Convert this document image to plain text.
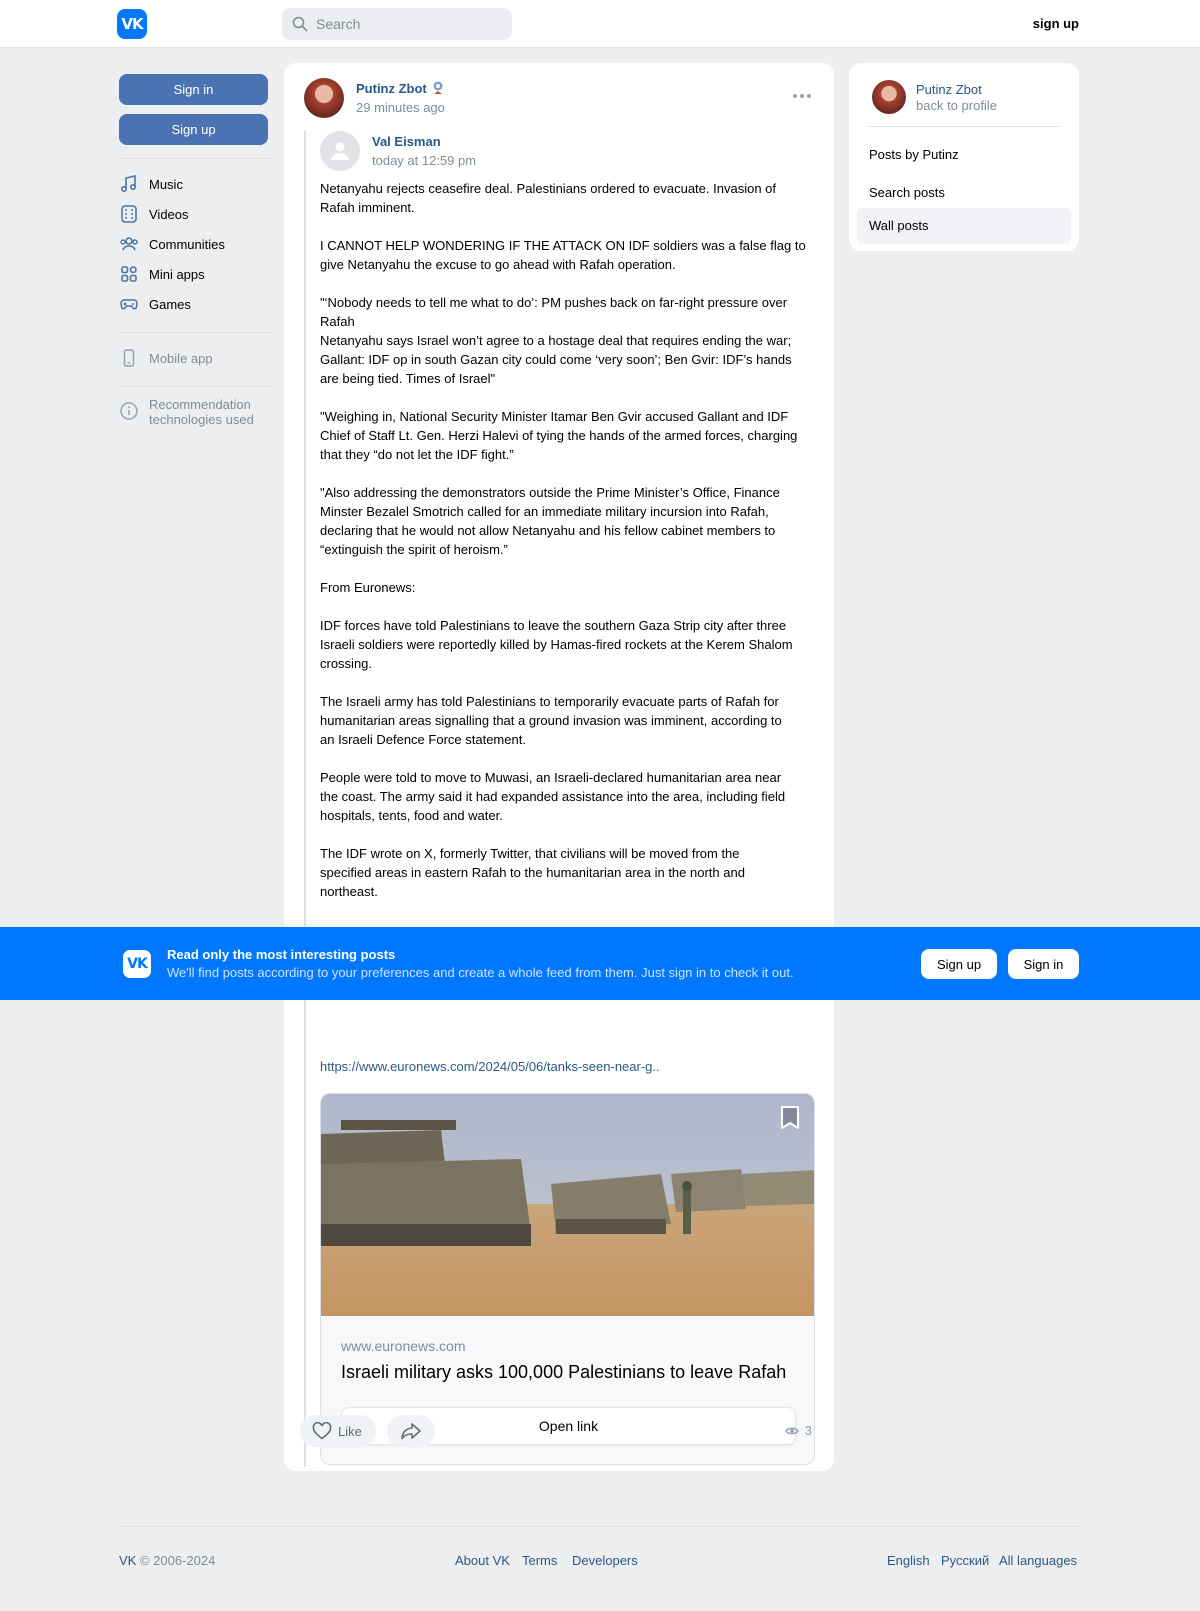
VK
Search	sign up
Sign in
Sign up
Music
Videos
Communities
Mini apps
Games
Mobile app
Recommendation
technologies used
Putinz Zbot
29 minutes ago
Val Eisman
today at 12:59 pm
Netanyahu rejects ceasefire deal. Palestinians ordered to evacuate. Invasion of
Rafah imminent.

I CANNOT HELP WONDERING IF THE ATTACK ON IDF soldiers was a false flag to
give Netanyahu the excuse to go ahead with Rafah operation.

"‘Nobody needs to tell me what to do’: PM pushes back on far-right pressure over
Rafah
Netanyahu says Israel won’t agree to a hostage deal that requires ending the war;
Gallant: IDF op in south Gazan city could come ‘very soon’; Ben Gvir: IDF’s hands
are being tied. Times of Israel"

"Weighing in, National Security Minister Itamar Ben Gvir accused Gallant and IDF
Chief of Staff Lt. Gen. Herzi Halevi of tying the hands of the armed forces, charging
that they “do not let the IDF fight.”

"Also addressing the demonstrators outside the Prime Minister’s Office, Finance
Minster Bezalel Smotrich called for an immediate military incursion into Rafah,
declaring that he would not allow Netanyahu and his fellow cabinet members to
“extinguish the spirit of heroism.”

From Euronews:

IDF forces have told Palestinians to leave the southern Gaza Strip city after three
Israeli soldiers were reportedly killed by Hamas-fired rockets at the Kerem Shalom
crossing.

The Israeli army has told Palestinians to temporarily evacuate parts of Rafah for
humanitarian areas signalling that a ground invasion was imminent, according to
an Israeli Defence Force statement.

People were told to move to Muwasi, an Israeli-declared humanitarian area near
the coast. The army said it had expanded assistance into the area, including field
hospitals, tents, food and water.

The IDF wrote on X, formerly Twitter, that civilians will be moved from the
specified areas in eastern Rafah to the humanitarian area in the north and
northeast.
https://www.euronews.com/2024/05/06/tanks-seen-near-g..
www.euronews.com
Israeli military asks 100,000 Palestinians to leave Rafah
Open link
Like	3
Putinz Zbot
back to profile
Posts by Putinz
Search posts
Wall posts
VK
Read only the most interesting posts
We'll find posts according to your preferences and create a whole feed from them. Just sign in to check it out.
Sign up	Sign in
VK © 2006-2024	About VK Terms Developers	English Русский All languages
